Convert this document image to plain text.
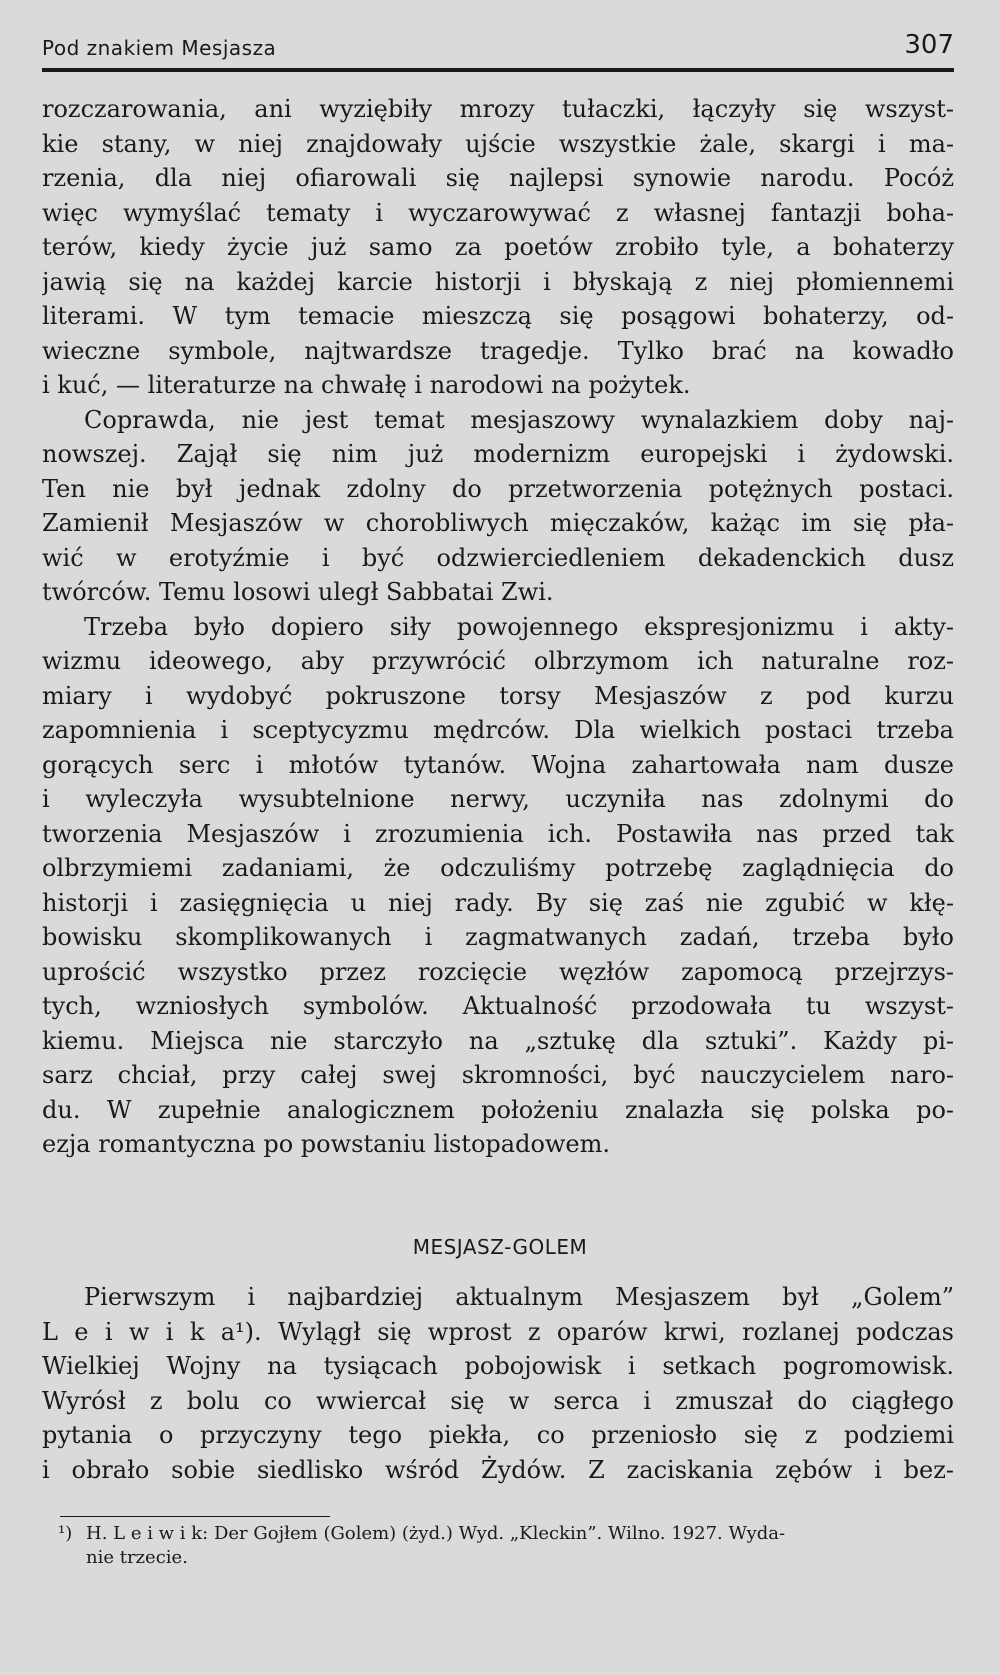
Pod znakiem Mesjasza	307
rozczarowania, ani wyziębiły mrozy tułaczki, łączyły się wszyst-
kie stany, w niej znajdowały ujście wszystkie żale, skargi i ma-
rzenia, dla niej ofiarowali się najlepsi synowie narodu. Pocóż
więc wymyślać tematy i wyczarowywać z własnej fantazji boha-
terów, kiedy życie już samo za poetów zrobiło tyle, a bohaterzy
jawią się na każdej karcie historji i błyskają z niej płomiennemi
literami. W tym temacie mieszczą się posągowi bohaterzy, od-
wieczne symbole, najtwardsze tragedje. Tylko brać na kowadło
i kuć, — literaturze na chwałę i narodowi na pożytek.
Coprawda, nie jest temat mesjaszowy wynalazkiem doby naj-
nowszej. Zajął się nim już modernizm europejski i żydowski.
Ten nie był jednak zdolny do przetworzenia potężnych postaci.
Zamienił Mesjaszów w chorobliwych mięczaków, każąc im się pła-
wić w erotyźmie i być odzwierciedleniem dekadenckich dusz
twórców. Temu losowi uległ Sabbatai Zwi.
Trzeba było dopiero siły powojennego ekspresjonizmu i akty-
wizmu ideowego, aby przywrócić olbrzymom ich naturalne roz-
miary i wydobyć pokruszone torsy Mesjaszów z pod kurzu
zapomnienia i sceptycyzmu mędrców. Dla wielkich postaci trzeba
gorących serc i młotów tytanów. Wojna zahartowała nam dusze
i wyleczyła wysubtelnione nerwy, uczyniła nas zdolnymi do
tworzenia Mesjaszów i zrozumienia ich. Postawiła nas przed tak
olbrzymiemi zadaniami, że odczuliśmy potrzebę zaglądnięcia do
historji i zasięgnięcia u niej rady. By się zaś nie zgubić w kłę-
bowisku skomplikowanych i zagmatwanych zadań, trzeba było
uprościć wszystko przez rozcięcie węzłów zapomocą przejrzys-
tych, wzniosłych symbolów. Aktualność przodowała tu wszyst-
kiemu. Miejsca nie starczyło na „sztukę dla sztuki”. Każdy pi-
sarz chciał, przy całej swej skromności, być nauczycielem naro-
du. W zupełnie analogicznem położeniu znalazła się polska po-
ezja romantyczna po powstaniu listopadowem.
MESJASZ-GOLEM
Pierwszym i najbardziej aktualnym Mesjaszem był „Golem”
L e i w i k a¹). Wylągł się wprost z oparów krwi, rozlanej podczas
Wielkiej Wojny na tysiącach pobojowisk i setkach pogromowisk.
Wyrósł z bolu co wwiercał się w serca i zmuszał do ciągłego
pytania o przyczyny tego piekła, co przeniosło się z podziemi
i obrało sobie siedlisko wśród Żydów. Z zaciskania zębów i bez-
¹) H. L e i w i k: Der Gojłem (Golem) (żyd.) Wyd. „Kleckin”. Wilno. 1927. Wyda-
nie trzecie.
